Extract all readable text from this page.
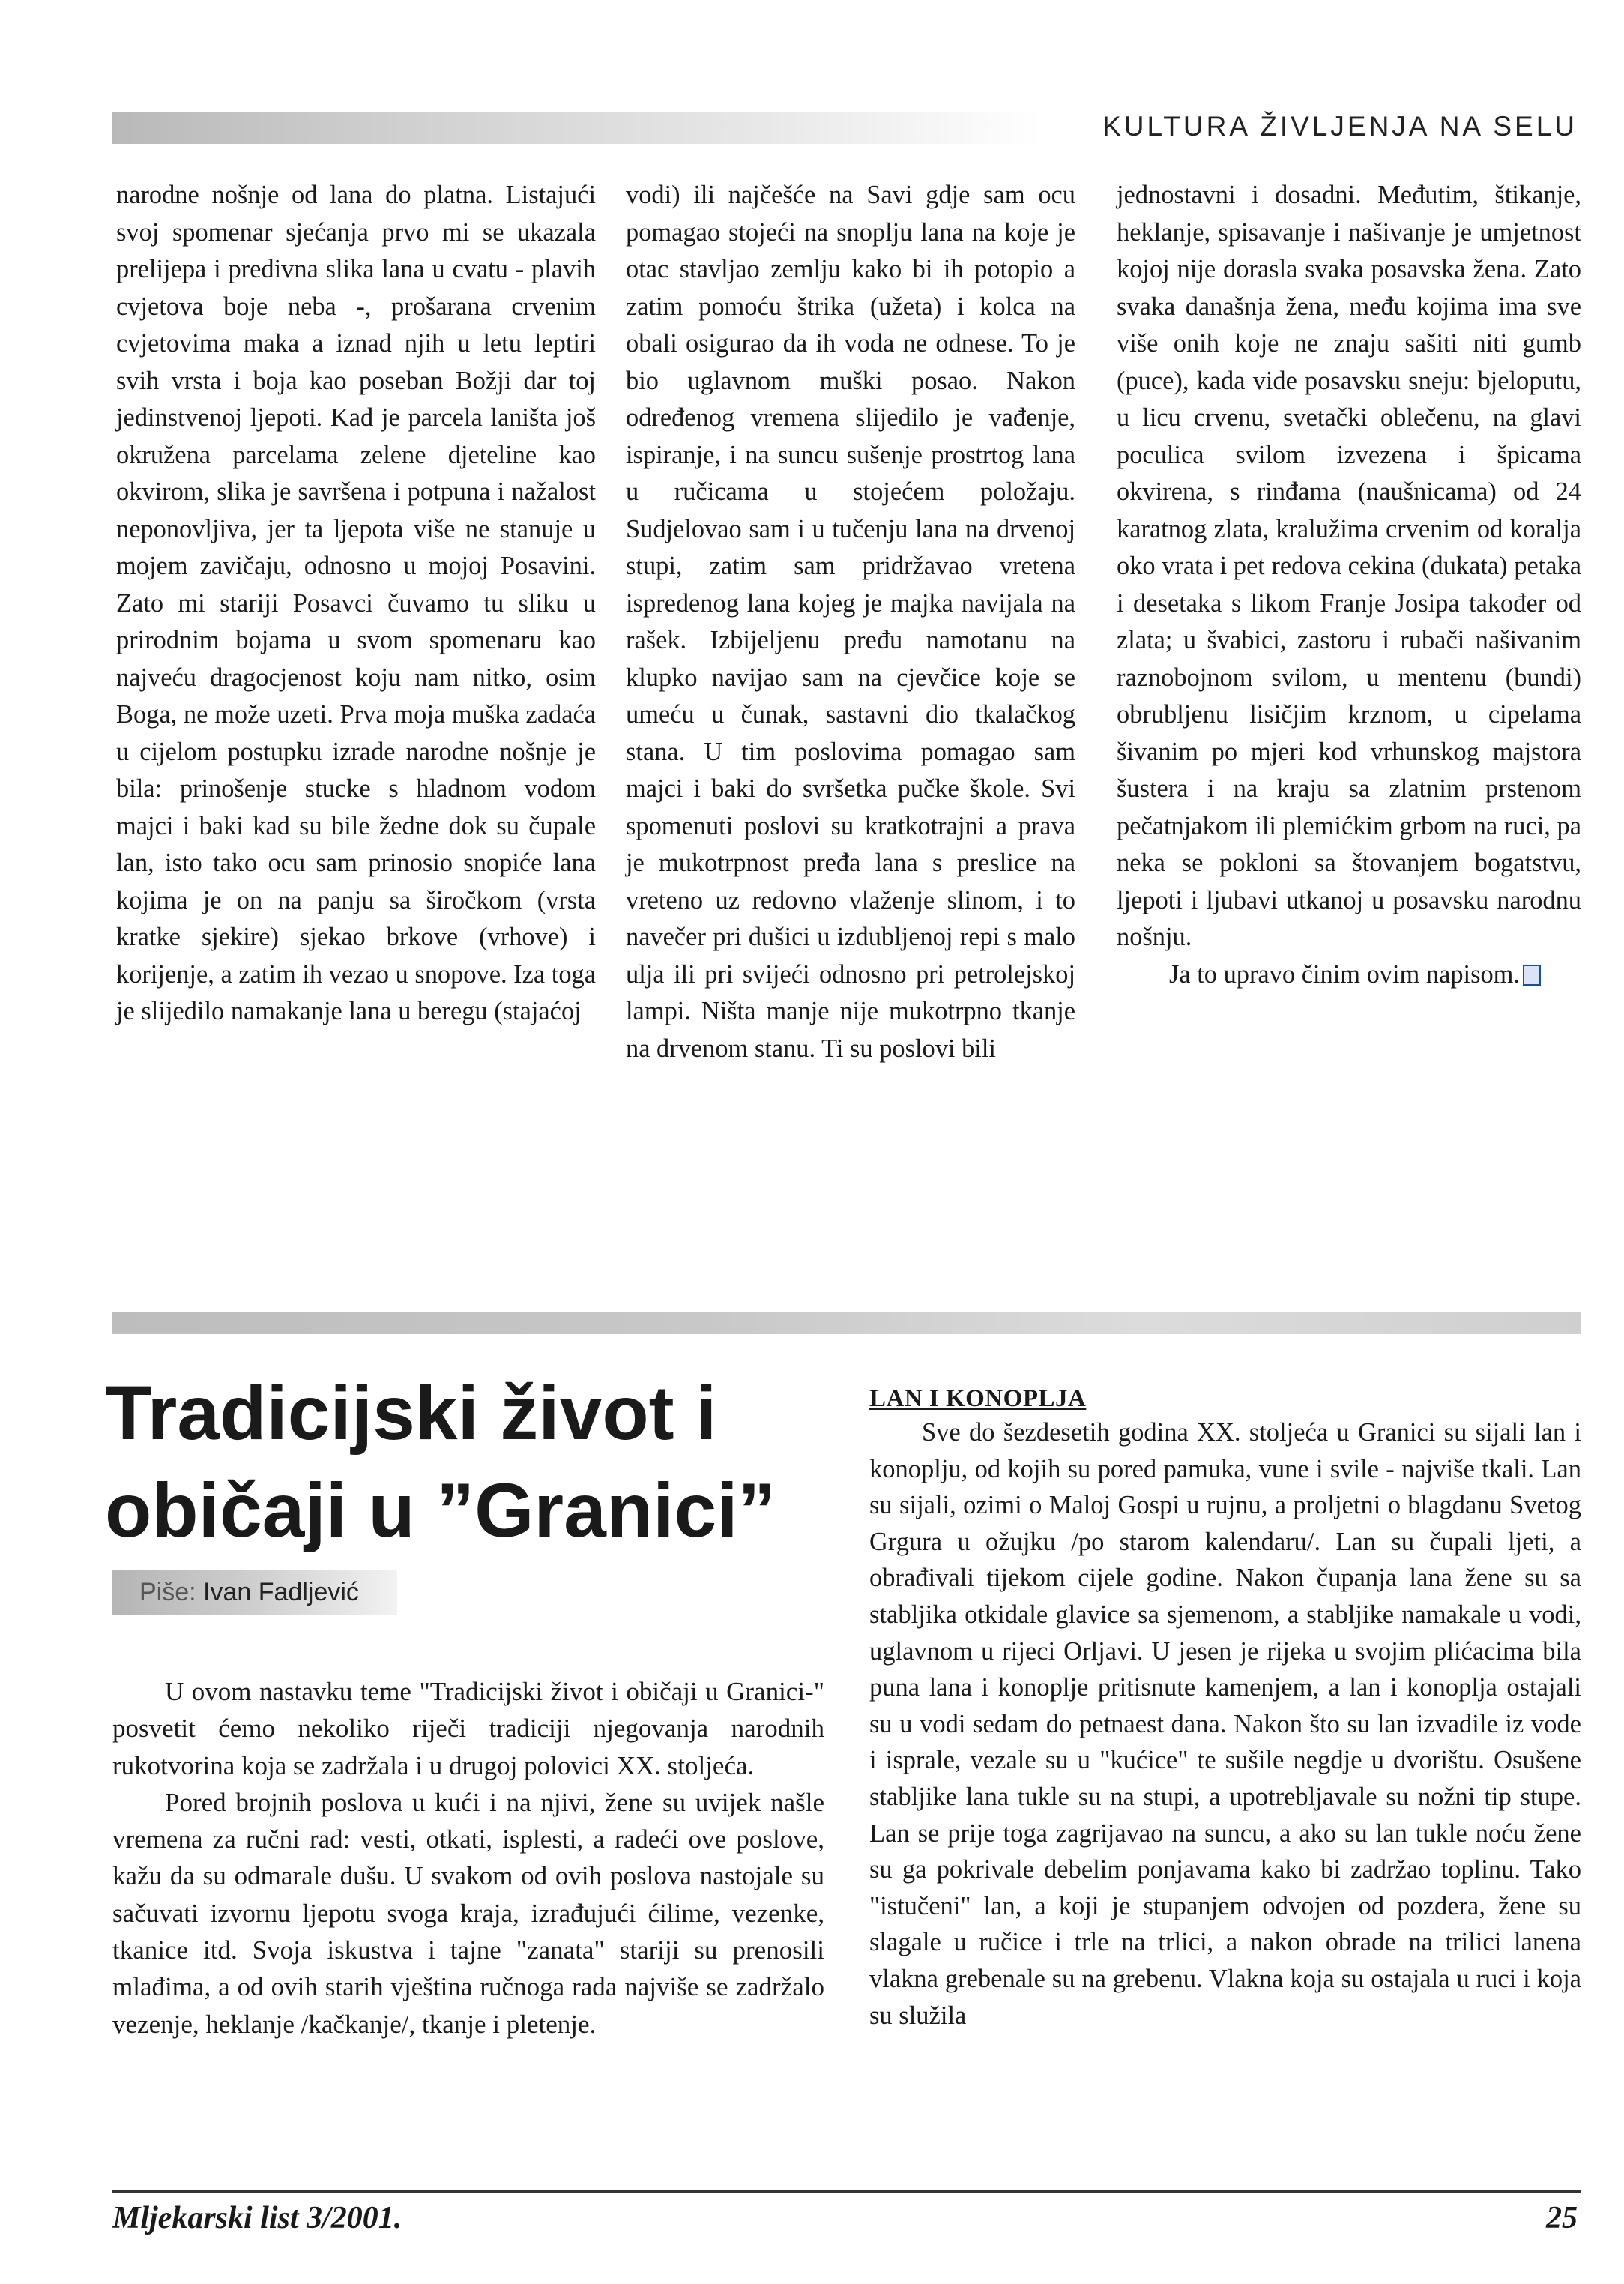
KULTURA ŽIVLJENJA NA SELU

narodne nošnje od lana do platna. Listajući svoj spomenar sjećanja prvo mi se ukazala prelijepa i predivna slika lana u cvatu - plavih cvjetova boje neba -, prošarana crvenim cvjetovima maka a iznad njih u letu leptiri svih vrsta i boja kao poseban Božji dar toj jedinstvenoj ljepoti. Kad je parcela laništa još okružena parcelama zelene djeteline kao okvirom, slika je savršena i potpuna i nažalost neponovljiva, jer ta ljepota više ne stanuje u mojem zavičaju, odnosno u mojoj Posavini. Zato mi stariji Posavci čuvamo tu sliku u prirodnim bojama u svom spomenaru kao najveću dragocjenost koju nam nitko, osim Boga, ne može uzeti. Prva moja muška zadaća u cijelom postupku izrade narodne nošnje je bila: prinošenje stucke s hladnom vodom majci i baki kad su bile žedne dok su čupale lan, isto tako ocu sam prinosio snopiće lana kojima je on na panju sa širočkom (vrsta kratke sjekire) sjekao brkove (vrhove) i korijenje, a zatim ih vezao u snopove. Iza toga je slijedilo namakanje lana u beregu (stajaćoj

vodi) ili najčešće na Savi gdje sam ocu pomagao stojeći na snoplju lana na koje je otac stavljao zemlju kako bi ih potopio a zatim pomoću štrika (užeta) i kolca na obali osigurao da ih voda ne odnese. To je bio uglavnom muški posao. Nakon određenog vremena slijedilo je vađenje, ispiranje, i na suncu sušenje prostrtog lana u ručicama u stojećem položaju. Sudjelovao sam i u tučenju lana na drvenoj stupi, zatim sam pridržavao vretena ispredenog lana kojeg je majka navijala na rašek. Izbijeljenu pređu namotanu na klupko navijao sam na cjevčice koje se umeću u čunak, sastavni dio tkalačkog stana. U tim poslovima pomagao sam majci i baki do svršetka pučke škole. Svi spomenuti poslovi su kratkotrajni a prava je mukotrpnost pređa lana s preslice na vreteno uz redovno vlaženje slinom, i to navečer pri dušici u izdubljenoj repi s malo ulja ili pri svijeći odnosno pri petrolejskoj lampi. Ništa manje nije mukotrpno tkanje na drvenom stanu. Ti su poslovi bili

jednostavni i dosadni. Međutim, štikanje, heklanje, spisavanje i našivanje je umjetnost kojoj nije dorasla svaka posavska žena. Zato svaka današnja žena, među kojima ima sve više onih koje ne znaju sašiti niti gumb (puce), kada vide posavsku sneju: bjeloputu, u licu crvenu, svetački oblečenu, na glavi poculica svilom izvezena i špicama okvirena, s rinđama (naušnicama) od 24 karatnog zlata, kralužima crvenim od koralja oko vrata i pet redova cekina (dukata) petaka i desetaka s likom Franje Josipa također od zlata; u švabici, zastoru i rubači našivanim raznobojnom svilom, u mentenu (bundi) obrubljenu lisičjim krznom, u cipelama šivanim po mjeri kod vrhunskog majstora šustera i na kraju sa zlatnim prstenom pečatnjakom ili plemićkim grbom na ruci, pa neka se pokloni sa štovanjem bogatstvu, ljepoti i ljubavi utkanoj u posavsku narodnu nošnju.

Ja to upravo činim ovim napisom.

Tradicijski život i
običaji u ”Granici”
Piše: Ivan Fadljević

U ovom nastavku teme "Tradicijski život i običaji u Granici-" posvetit ćemo nekoliko riječi tradiciji njegovanja narodnih rukotvorina koja se zadržala i u drugoj polovici XX. stoljeća.

Pored brojnih poslova u kući i na njivi, žene su uvijek našle vremena za ručni rad: vesti, otkati, isplesti, a radeći ove poslove, kažu da su odmarale dušu. U svakom od ovih poslova nastojale su sačuvati izvornu ljepotu svoga kraja, izrađujući ćilime, vezenke, tkanice itd. Svoja iskustva i tajne "zanata" stariji su prenosili mlađima, a od ovih starih vještina ručnoga rada najviše se zadržalo vezenje, heklanje /kačkanje/, tkanje i pletenje.

LAN I KONOPLJA

Sve do šezdesetih godina XX. stoljeća u Granici su sijali lan i konoplju, od kojih su pored pamuka, vune i svile - najviše tkali. Lan su sijali, ozimi o Maloj Gospi u rujnu, a proljetni o blagdanu Svetog Grgura u ožujku /po starom kalendaru/. Lan su čupali ljeti, a obrađivali tijekom cijele godine. Nakon čupanja lana žene su sa stabljika otkidale glavice sa sjemenom, a stabljike namakale u vodi, uglavnom u rijeci Orljavi. U jesen je rijeka u svojim plićacima bila puna lana i konoplje pritisnute kamenjem, a lan i konoplja ostajali su u vodi sedam do petnaest dana. Nakon što su lan izvadile iz vode i isprale, vezale su u "kućice" te sušile negdje u dvorištu. Osušene stabljike lana tukle su na stupi, a upotrebljavale su nožni tip stupe. Lan se prije toga zagrijavao na suncu, a ako su lan tukle noću žene su ga pokrivale debelim ponjavama kako bi zadržao toplinu. Tako "istučeni" lan, a koji je stupanjem odvojen od pozdera, žene su slagale u ručice i trle na trlici, a nakon obrade na trilici lanena vlakna grebenale su na grebenu. Vlakna koja su ostajala u ruci i koja su služila

Mljekarski list 3/2001.	25
